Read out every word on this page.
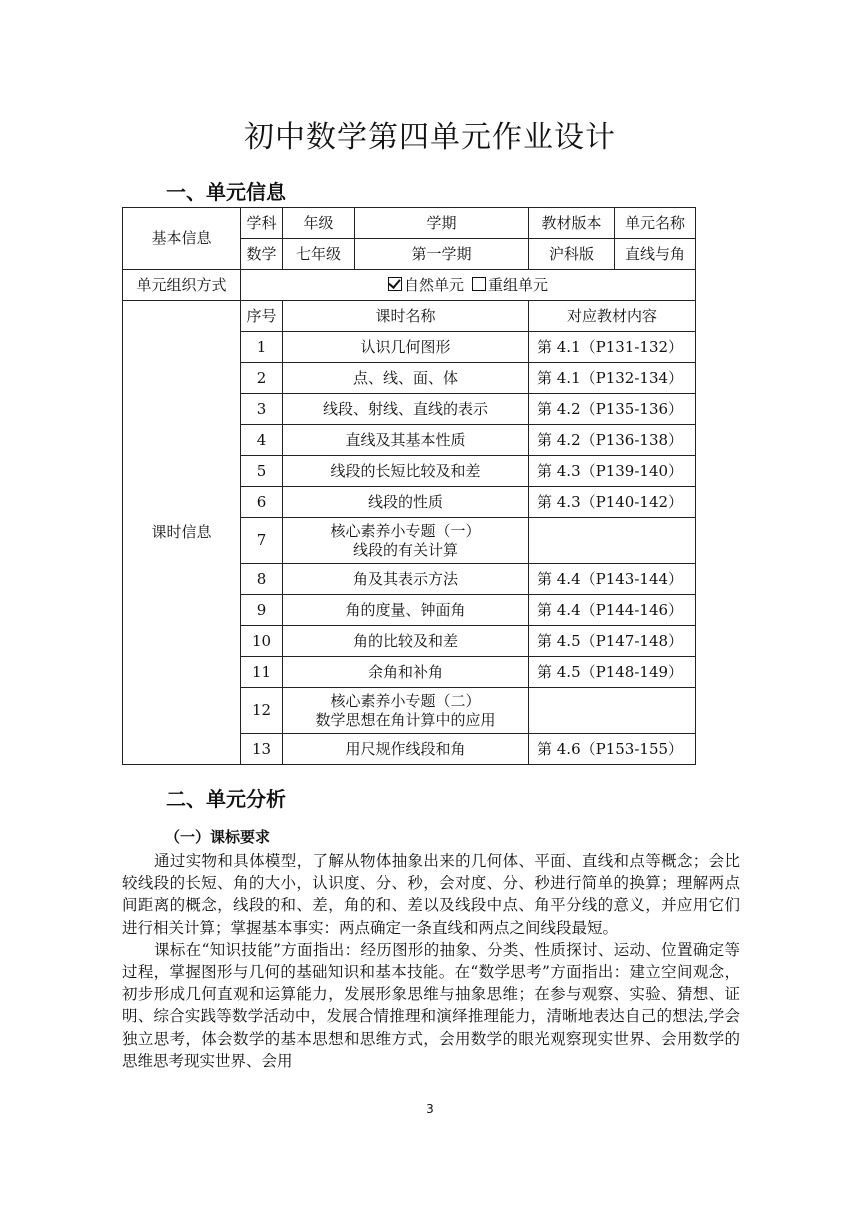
初中数学第四单元作业设计
一、单元信息
基本信息	学科	年级	学期	教材版本	单元名称
	数学	七年级	第一学期	沪科版	直线与角
单元组织方式	自然单元 重组单元				
课时信息	序号	课时名称		对应教材内容	
	1	认识几何图形		第 4.1（P131-132）	
	2	点、线、面、体		第 4.1（P132-134）	
	3	线段、射线、直线的表示		第 4.2（P135-136）	
	4	直线及其基本性质		第 4.2（P136-138）	
	5	线段的长短比较及和差		第 4.3（P139-140）	
	6	线段的性质		第 4.3（P140-142）	
	7	核心素养小专题（一）
线段的有关计算			

	8	角及其表示方法		第 4.4（P143-144）	
	9	角的度量、钟面角		第 4.4（P144-146）	
	10	角的比较及和差		第 4.5（P147-148）	
	11	余角和补角		第 4.5（P148-149）	
	12	核心素养小专题（二）
数学思想在角计算中的应用			

	13	用尺规作线段和角		第 4.6（P153-155）	
二、单元分析
（一）课标要求

通过实物和具体模型，了解从物体抽象出来的几何体、平面、直线和点等概念；会比较线段的长短、角的大小，认识度、分、秒，会对度、分、秒进行简单的换算；理解两点间距离的概念，线段的和、差，角的和、差以及线段中点、角平分线的意义，并应用它们进行相关计算；掌握基本事实：两点确定一条直线和两点之间线段最短。

课标在“知识技能”方面指出：经历图形的抽象、分类、性质探讨、运动、位置确定等过程，掌握图形与几何的基础知识和基本技能。在“数学思考”方面指出：建立空间观念，初步形成几何直观和运算能力，发展形象思维与抽象思维；在参与观察、实验、猜想、证明、综合实践等数学活动中，发展合情推理和演绎推理能力，清晰地表达自己的想法,学会独立思考，体会数学的基本思想和思维方式，会用数学的眼光观察现实世界、会用数学的思维思考现实世界、会用

3
